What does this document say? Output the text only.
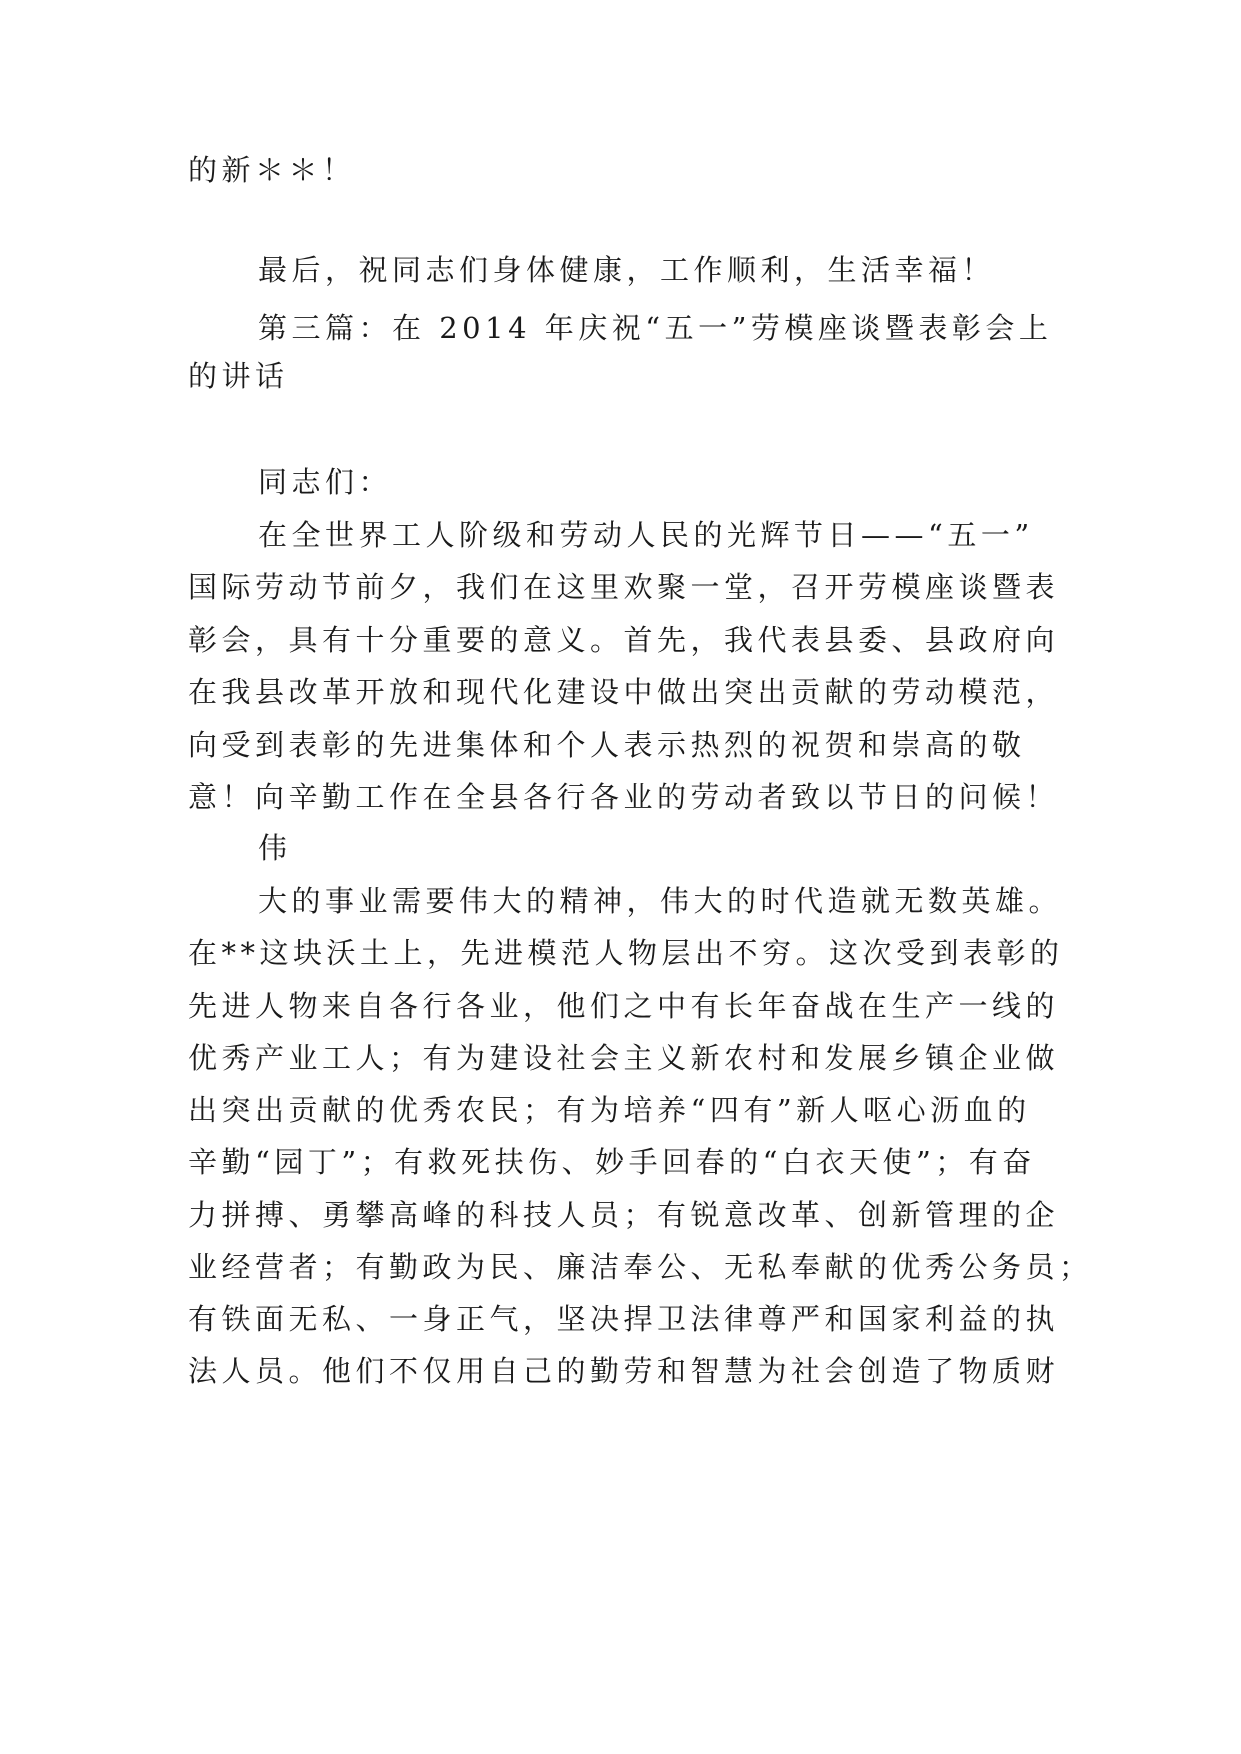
的新＊＊！
最后，祝同志们身体健康，工作顺利，生活幸福！
第三篇：在 2014 年庆祝“五一”劳模座谈暨表彰会上
的讲话
同志们：
在全世界工人阶级和劳动人民的光辉节日——“五一”
国际劳动节前夕，我们在这里欢聚一堂，召开劳模座谈暨表
彰会，具有十分重要的意义。首先，我代表县委、县政府向
在我县改革开放和现代化建设中做出突出贡献的劳动模范，
向受到表彰的先进集体和个人表示热烈的祝贺和崇高的敬
意！向辛勤工作在全县各行各业的劳动者致以节日的问候！
伟
大的事业需要伟大的精神，伟大的时代造就无数英雄。
在**这块沃土上，先进模范人物层出不穷。这次受到表彰的
先进人物来自各行各业，他们之中有长年奋战在生产一线的
优秀产业工人；有为建设社会主义新农村和发展乡镇企业做
出突出贡献的优秀农民；有为培养“四有”新人呕心沥血的
辛勤“园丁”；有救死扶伤、妙手回春的“白衣天使”；有奋
力拼搏、勇攀高峰的科技人员；有锐意改革、创新管理的企
业经营者；有勤政为民、廉洁奉公、无私奉献的优秀公务员；
有铁面无私、一身正气，坚决捍卫法律尊严和国家利益的执
法人员。他们不仅用自己的勤劳和智慧为社会创造了物质财
